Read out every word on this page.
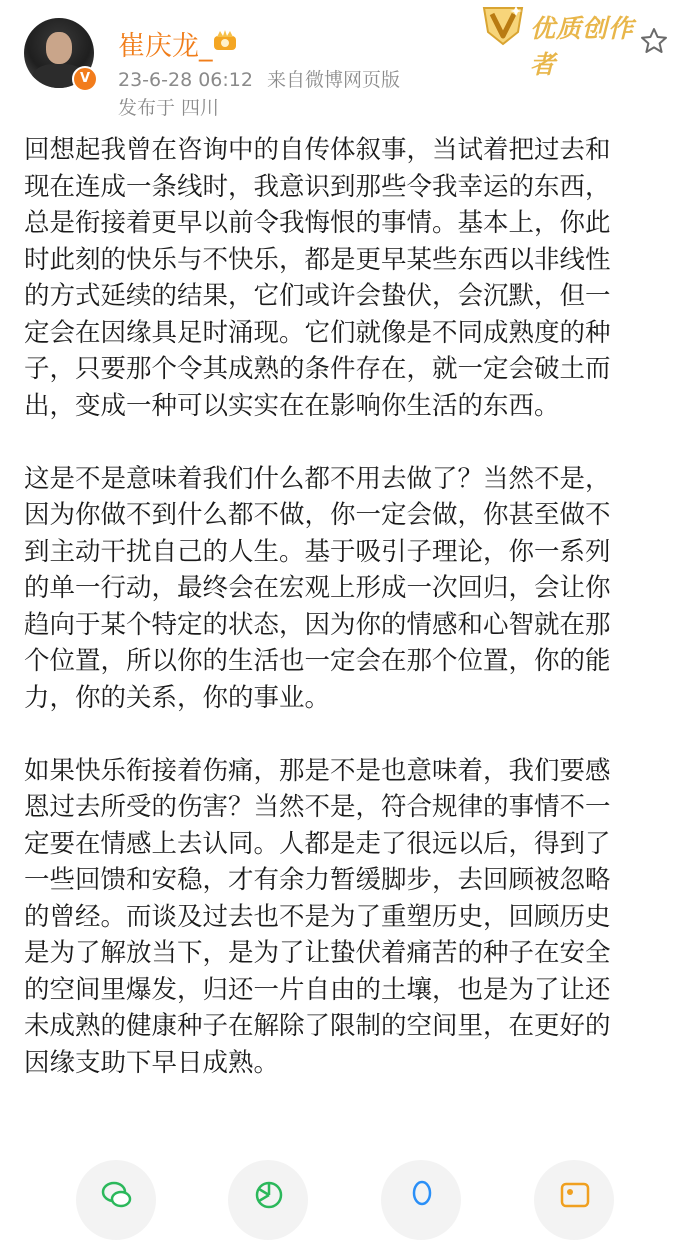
V
崔庆龙_
23-6-28 06:12 来自微博网页版
发布于 四川
优质创作者
回想起我曾在咨询中的自传体叙事，当试着把过去和
现在连成一条线时，我意识到那些令我幸运的东西，
总是衔接着更早以前令我悔恨的事情。基本上，你此
时此刻的快乐与不快乐，都是更早某些东西以非线性
的方式延续的结果，它们或许会蛰伏，会沉默，但一
定会在因缘具足时涌现。它们就像是不同成熟度的种
子，只要那个令其成熟的条件存在，就一定会破土而
出，变成一种可以实实在在影响你生活的东西。
这是不是意味着我们什么都不用去做了？当然不是，
因为你做不到什么都不做，你一定会做，你甚至做不
到主动干扰自己的人生。基于吸引子理论，你一系列
的单一行动，最终会在宏观上形成一次回归，会让你
趋向于某个特定的状态，因为你的情感和心智就在那
个位置，所以你的生活也一定会在那个位置，你的能
力，你的关系，你的事业。
如果快乐衔接着伤痛，那是不是也意味着，我们要感
恩过去所受的伤害？当然不是，符合规律的事情不一
定要在情感上去认同。人都是走了很远以后，得到了
一些回馈和安稳，才有余力暂缓脚步，去回顾被忽略
的曾经。而谈及过去也不是为了重塑历史，回顾历史
是为了解放当下，是为了让蛰伏着痛苦的种子在安全
的空间里爆发，归还一片自由的土壤，也是为了让还
未成熟的健康种子在解除了限制的空间里，在更好的
因缘支助下早日成熟。
